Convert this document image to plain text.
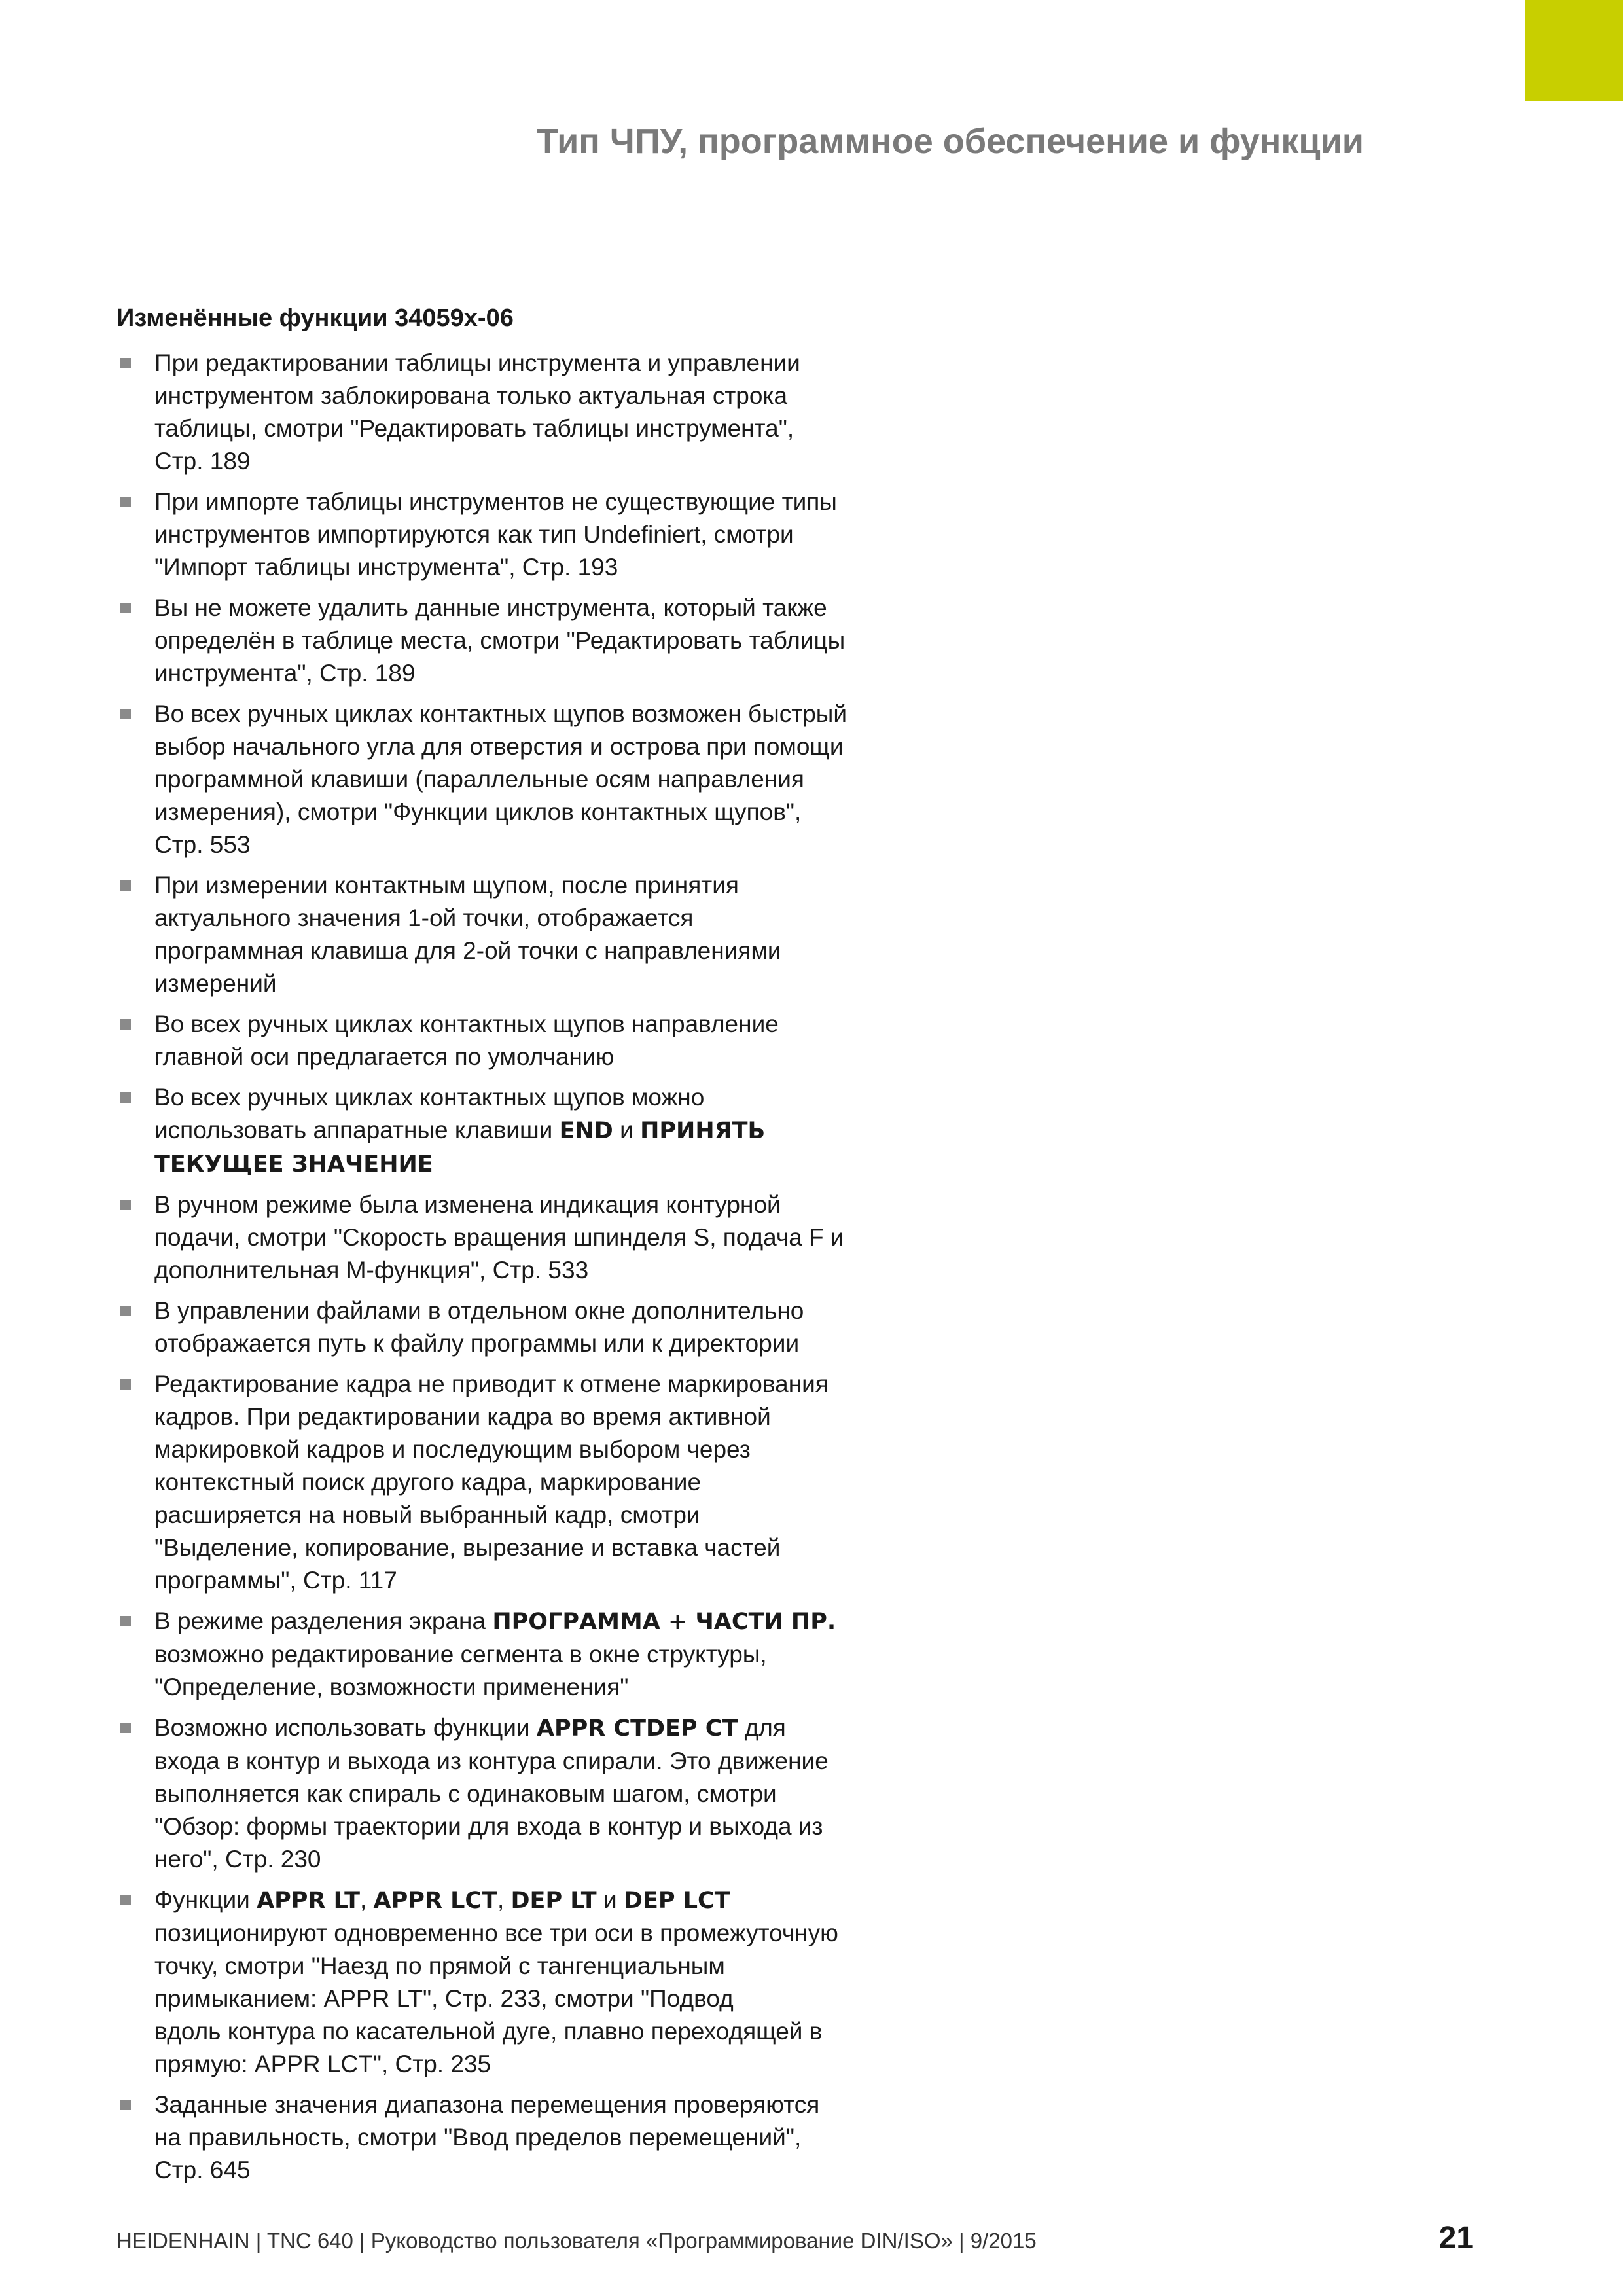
Тип ЧПУ, программное обеспечение и функции
Изменённые функции 34059x-06
При редактировании таблицы инструмента и управлении
инструментом заблокирована только актуальная строка
таблицы, смотри "Редактировать таблицы инструмента",
Стр. 189
При импорте таблицы инструментов не существующие типы
инструментов импортируются как тип Undefiniert, смотри
"Импорт таблицы инструмента", Стр. 193
Вы не можете удалить данные инструмента, который также
определён в таблице места, смотри "Редактировать таблицы
инструмента", Стр. 189
Во всех ручных циклах контактных щупов возможен быстрый
выбор начального угла для отверстия и острова при помощи
программной клавиши (параллельные осям направления
измерения), смотри "Функции циклов контактных щупов",
Стр. 553
При измерении контактным щупом, после принятия
актуального значения 1-ой точки, отображается
программная клавиша для 2-ой точки с направлениями
измерений
Во всех ручных циклах контактных щупов направление
главной оси предлагается по умолчанию
Во всех ручных циклах контактных щупов можно
использовать аппаратные клавиши END и ПРИНЯТЬ
ТЕКУЩЕЕ ЗНАЧЕНИЕ
В ручном режиме была изменена индикация контурной
подачи, смотри "Скорость вращения шпинделя S, подача F и
дополнительная М-функция", Стр. 533
В управлении файлами в отдельном окне дополнительно
отображается путь к файлу программы или к директории
Редактирование кадра не приводит к отмене маркирования
кадров. При редактировании кадра во время активной
маркировкой кадров и последующим выбором через
контекстный поиск другого кадра, маркирование
расширяется на новый выбранный кадр, смотри
"Выделение, копирование, вырезание и вставка частей
программы", Стр. 117
В режиме разделения экрана ПРОГРАММА + ЧАСТИ ПР.
возможно редактирование сегмента в окне структуры,
"Определение, возможности применения"
Возможно использовать функции APPR CTDEP CT для
входа в контур и выхода из контура спирали. Это движение
выполняется как спираль с одинаковым шагом, смотри
"Обзор: формы траектории для входа в контур и выхода из
него", Стр. 230
Функции APPR LT, APPR LCT, DEP LT и DEP LCT
позиционируют одновременно все три оси в промежуточную
точку, смотри "Наезд по прямой с тангенциальным
примыканием: APPR LT", Стр. 233, смотри "Подвод
вдоль контура по касательной дуге, плавно переходящей в
прямую: APPR LCT", Стр. 235
Заданные значения диапазона перемещения проверяются
на правильность, смотри "Ввод пределов перемещений",
Стр. 645
HEIDENHAIN | TNC 640 | Руководство пользователя «Программирование DIN/ISO» | 9/2015	21
